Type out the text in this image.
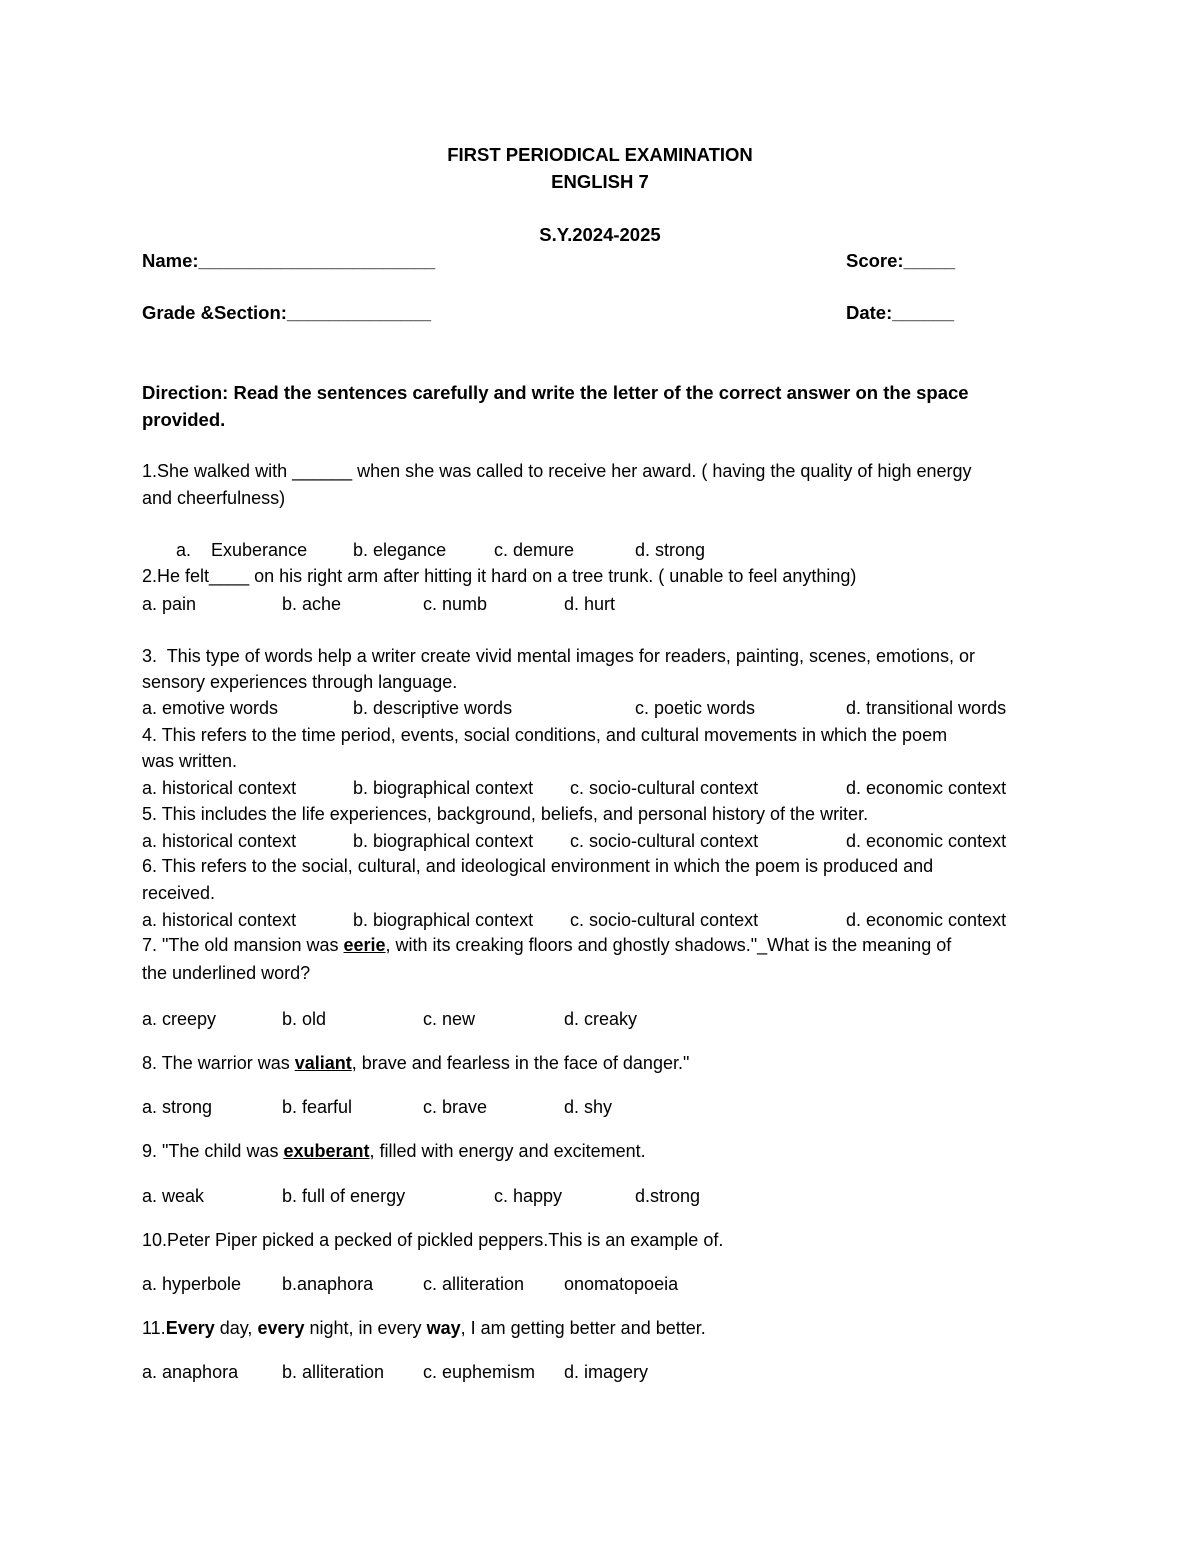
FIRST PERIODICAL EXAMINATION
ENGLISH 7
S.Y.2024-2025
Name:_______________________	Score:_____
Grade &Section:______________	Date:______
Direction: Read the sentences carefully and write the letter of the correct answer on the space
provided.
1.She walked with ______ when she was called to receive her award. ( having the quality of high energy
and cheerfulness)
a.    Exuberance	b. elegance	c. demure	d. strong
2.He felt____ on his right arm after hitting it hard on a tree trunk. ( unable to feel anything)
a. pain	b. ache	c. numb	d. hurt
3.  This type of words help a writer create vivid mental images for readers, painting, scenes, emotions, or
sensory experiences through language.
a. emotive words	b. descriptive words	c. poetic words	d. transitional words
4. This refers to the time period, events, social conditions, and cultural movements in which the poem
was written.
a. historical context	b. biographical context c. socio-cultural context	d. economic context
5. This includes the life experiences, background, beliefs, and personal history of the writer.
a. historical context	b. biographical context c. socio-cultural context	d. economic context
6. This refers to the social, cultural, and ideological environment in which the poem is produced and
received.
a. historical context	b. biographical context c. socio-cultural context	d. economic context
7. "The old mansion was eerie, with its creaking floors and ghostly shadows."_What is the meaning of
the underlined word?
a. creepy	b. old	c. new	d. creaky
8. The warrior was valiant, brave and fearless in the face of danger."
a. strong	b. fearful	c. brave	d. shy
9. "The child was exuberant, filled with energy and excitement.
a. weak	b. full of energy	c. happy	d.strong
10.Peter Piper picked a pecked of pickled peppers.This is an example of.
a. hyperbole b.anaphora	c. alliteration onomatopoeia
11.Every day, every night, in every way, I am getting better and better.
a. anaphora b. alliteration c. euphemism d. imagery
